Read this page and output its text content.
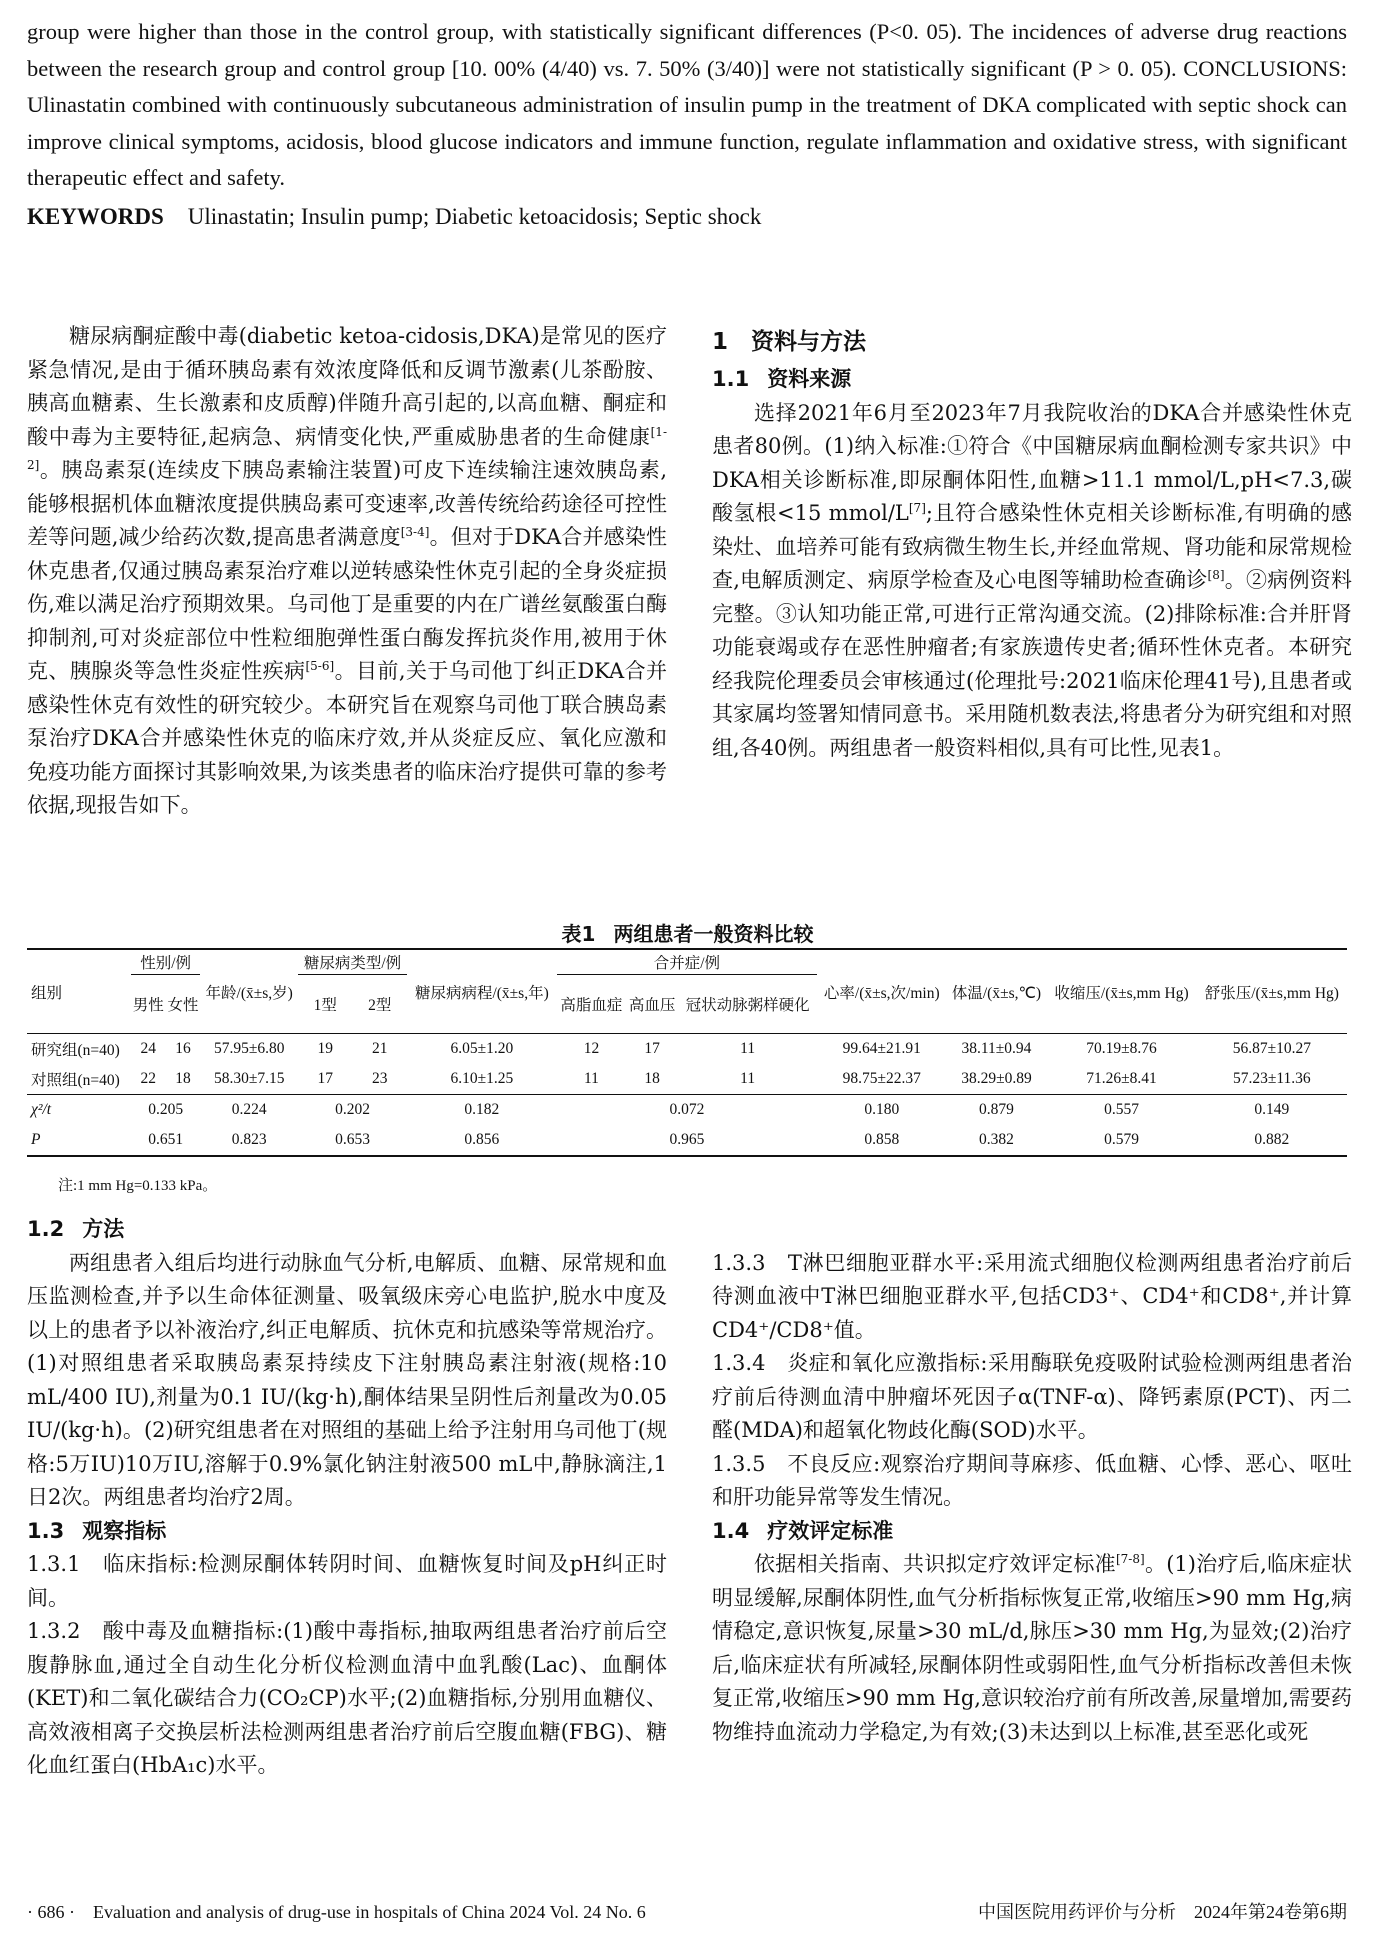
group were higher than those in the control group, with statistically significant differences (P<0. 05). The incidences of adverse drug reactions between the research group and control group [10. 00% (4/40) vs. 7. 50% (3/40)] were not statistically significant (P > 0. 05). CONCLUSIONS: Ulinastatin combined with continuously subcutaneous administration of insulin pump in the treatment of DKA complicated with septic shock can improve clinical symptoms, acidosis, blood glucose indicators and immune function, regulate inflammation and oxidative stress, with significant therapeutic effect and safety.

KEYWORDS Ulinastatin; Insulin pump; Diabetic ketoacidosis; Septic shock

糖尿病酮症酸中毒(diabetic ketoa-cidosis,DKA)是常见的医疗紧急情况,是由于循环胰岛素有效浓度降低和反调节激素(儿茶酚胺、胰高血糖素、生长激素和皮质醇)伴随升高引起的,以高血糖、酮症和酸中毒为主要特征,起病急、病情变化快,严重威胁患者的生命健康[1-2]。胰岛素泵(连续皮下胰岛素输注装置)可皮下连续输注速效胰岛素,能够根据机体血糖浓度提供胰岛素可变速率,改善传统给药途径可控性差等问题,减少给药次数,提高患者满意度[3-4]。但对于DKA合并感染性休克患者,仅通过胰岛素泵治疗难以逆转感染性休克引起的全身炎症损伤,难以满足治疗预期效果。乌司他丁是重要的内在广谱丝氨酸蛋白酶抑制剂,可对炎症部位中性粒细胞弹性蛋白酶发挥抗炎作用,被用于休克、胰腺炎等急性炎症性疾病[5-6]。目前,关于乌司他丁纠正DKA合并感染性休克有效性的研究较少。本研究旨在观察乌司他丁联合胰岛素泵治疗DKA合并感染性休克的临床疗效,并从炎症反应、氧化应激和免疫功能方面探讨其影响效果,为该类患者的临床治疗提供可靠的参考依据,现报告如下。

1　 资料与方法
1.1 资料来源

选择2021年6月至2023年7月我院收治的DKA合并感染性休克患者80例。(1)纳入标准:①符合《中国糖尿病血酮检测专家共识》中DKA相关诊断标准,即尿酮体阳性,血糖>11.1 mmol/L,pH<7.3,碳酸氢根<15 mmol/L[7];且符合感染性休克相关诊断标准,有明确的感染灶、血培养可能有致病微生物生长,并经血常规、肾功能和尿常规检查,电解质测定、病原学检查及心电图等辅助检查确诊[8]。②病例资料完整。③认知功能正常,可进行正常沟通交流。(2)排除标准:合并肝肾功能衰竭或存在恶性肿瘤者;有家族遗传史者;循环性休克者。本研究经我院伦理委员会审核通过(伦理批号:2021临床伦理41号),且患者或其家属均签署知情同意书。采用随机数表法,将患者分为研究组和对照组,各40例。两组患者一般资料相似,具有可比性,见表1。

表1 两组患者一般资料比较
组别	性别/例		年龄/(x̄±s,岁)	糖尿病类型/例		糖尿病病程/(x̄±s,年)	合并症/例			心率/(x̄±s,次/min)	体温/(x̄±s,℃)	收缩压/(x̄±s,mm Hg)	舒张压/(x̄±s,mm Hg)
	男性	女性		1型	2型		高脂血症	高血压	冠状动脉粥样硬化				
研究组(n=40)	24	16	57.95±6.80	19	21	6.05±1.20	12	17	11	99.64±21.91	38.11±0.94	70.19±8.76	56.87±10.27
对照组(n=40)	22	18	58.30±7.15	17	23	6.10±1.25	11	18	11	98.75±22.37	38.29±0.89	71.26±8.41	57.23±11.36
χ²/t	0.205		0.224	0.202		0.182	0.072			0.180	0.879	0.557	0.149
P	0.651		0.823	0.653		0.856	0.965			0.858	0.382	0.579	0.882
注:1 mm Hg=0.133 kPa。
1.2 方法

两组患者入组后均进行动脉血气分析,电解质、血糖、尿常规和血压监测检查,并予以生命体征测量、吸氧级床旁心电监护,脱水中度及以上的患者予以补液治疗,纠正电解质、抗休克和抗感染等常规治疗。(1)对照组患者采取胰岛素泵持续皮下注射胰岛素注射液(规格:10 mL/400 IU),剂量为0.1 IU/(kg·h),酮体结果呈阴性后剂量改为0.05 IU/(kg·h)。(2)研究组患者在对照组的基础上给予注射用乌司他丁(规格:5万IU)10万IU,溶解于0.9%氯化钠注射液500 mL中,静脉滴注,1日2次。两组患者均治疗2周。

1.3 观察指标

1.3.1　临床指标:检测尿酮体转阴时间、血糖恢复时间及pH纠正时间。

1.3.2　酸中毒及血糖指标:(1)酸中毒指标,抽取两组患者治疗前后空腹静脉血,通过全自动生化分析仪检测血清中血乳酸(Lac)、血酮体(KET)和二氧化碳结合力(CO₂CP)水平;(2)血糖指标,分别用血糖仪、高效液相离子交换层析法检测两组患者治疗前后空腹血糖(FBG)、糖化血红蛋白(HbA₁c)水平。

1.3.3　T淋巴细胞亚群水平:采用流式细胞仪检测两组患者治疗前后待测血液中T淋巴细胞亚群水平,包括CD3⁺、CD4⁺和CD8⁺,并计算CD4⁺/CD8⁺值。

1.3.4　炎症和氧化应激指标:采用酶联免疫吸附试验检测两组患者治疗前后待测血清中肿瘤坏死因子α(TNF-α)、降钙素原(PCT)、丙二醛(MDA)和超氧化物歧化酶(SOD)水平。

1.3.5　不良反应:观察治疗期间荨麻疹、低血糖、心悸、恶心、呕吐和肝功能异常等发生情况。

1.4 疗效评定标准

依据相关指南、共识拟定疗效评定标准[7-8]。(1)治疗后,临床症状明显缓解,尿酮体阴性,血气分析指标恢复正常,收缩压>90 mm Hg,病情稳定,意识恢复,尿量>30 mL/d,脉压>30 mm Hg,为显效;(2)治疗后,临床症状有所减轻,尿酮体阴性或弱阳性,血气分析指标改善但未恢复正常,收缩压>90 mm Hg,意识较治疗前有所改善,尿量增加,需要药物维持血流动力学稳定,为有效;(3)未达到以上标准,甚至恶化或死

· 686 ·　Evaluation and analysis of drug-use in hospitals of China 2024 Vol. 24 No. 6	中国医院用药评价与分析　2024年第24卷第6期
